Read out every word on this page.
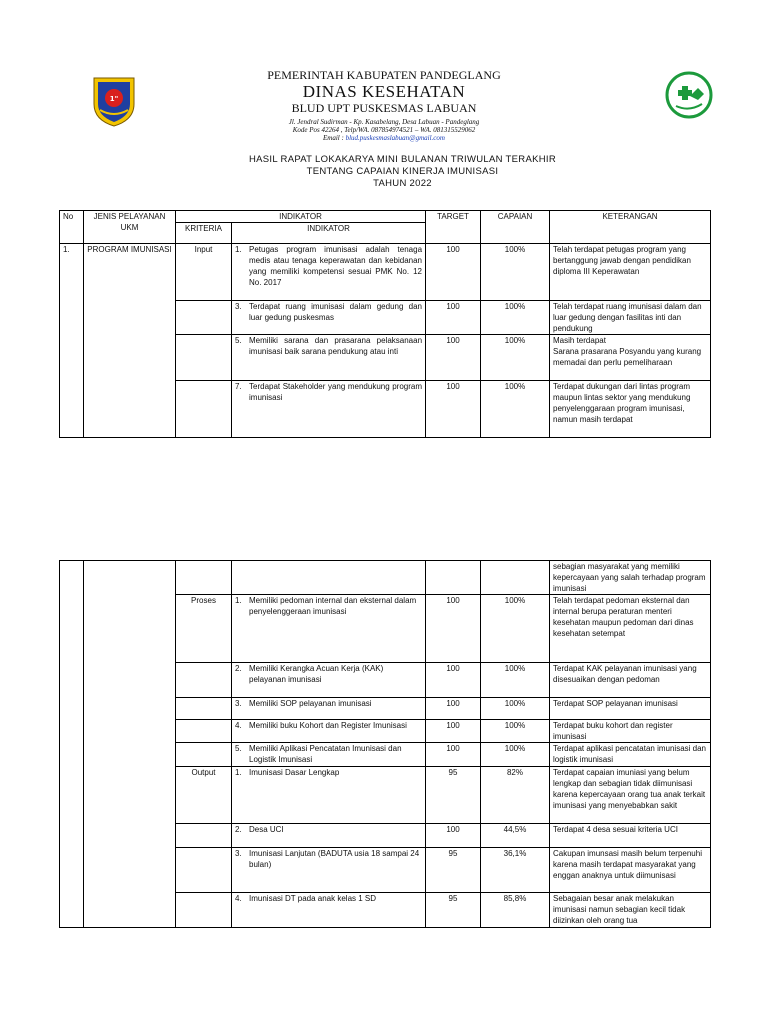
1"
PEMERINTAH KABUPATEN PANDEGLANG
DINAS KESEHATAN
BLUD UPT PUSKESMAS LABUAN
Jl. Jendral Sudirman - Kp. Kasabelang, Desa Labuan - Pandeglang
Kode Pos 42264 , Telp/WA. 087854974521 – WA. 081315529062
Email : blud.puskesmaslabuan@gmail.com
HASIL RAPAT LOKAKARYA MINI BULANAN TRIWULAN TERAKHIR
TENTANG CAPAIAN KINERJA IMUNISASI
TAHUN 2022
No	JENIS PELAYANAN UKM	INDIKATOR		TARGET	CAPAIAN	KETERANGAN
		KRITERIA	INDIKATOR			
1.	PROGRAM IMUNISASI	Input	1. Petugas program imunisasi adalah tenaga medis atau tenaga keperawatan dan kebidanan yang memiliki kompetensi sesuai PMK No. 12 No. 2017	100	100%	Telah terdapat petugas program yang bertanggung jawab dengan pendidikan diploma III Keperawatan

			3. Terdapat ruang imunisasi dalam gedung dan luar gedung puskesmas	100	100%	Telah terdapat ruang imunisasi dalam dan luar gedung dengan fasilitas inti dan pendukung

			5. Memiliki sarana dan prasarana pelaksanaan imunisasi baik sarana pendukung atau inti	100	100%	Masih terdapat
Sarana prasarana Posyandu yang kurang memadai dan perlu pemeliharaan

			7. Terdapat Stakeholder yang mendukung program imunisasi	100	100%	Terdapat dukungan dari lintas program maupun lintas sektor yang mendukung penyelenggaraan program imunisasi, namun masih terdapat
						sebagian masyarakat yang memiliki kepercayaan yang salah terhadap program imunisasi
		Proses	1. Memiliki pedoman internal dan eksternal dalam penyelenggeraan imunisasi	100	100%	Telah terdapat pedoman eksternal dan internal berupa peraturan menteri kesehatan maupun pedoman dari dinas kesehatan setempat

			2. Memiliki Kerangka Acuan Kerja (KAK) pelayanan imunisasi	100	100%	Terdapat KAK pelayanan imunisasi yang disesuaikan dengan pedoman

			3. Memiliki SOP pelayanan imunisasi	100	100%	Terdapat SOP pelayanan imunisasi

			4. Memiliki buku Kohort dan Register Imunisasi	100	100%	Terdapat buku kohort dan register imunisasi

			5. Memiliki Aplikasi Pencatatan Imunisasi dan Logistik Imunisasi	100	100%	Terdapat aplikasi pencatatan imunisasi dan logistik imunisasi
		Output	1. Imunisasi Dasar Lengkap	95	82%	Terdapat capaian imuniasi yang belum lengkap dan sebagian tidak diimunisasi karena kepercayaan orang tua anak terkait imunisasi yang menyebabkan sakit

			2. Desa UCI	100	44,5%	Terdapat 4 desa sesuai kriteria UCI

			3. Imunisasi Lanjutan (BADUTA usia 18 sampai 24 bulan)	95	36,1%	Cakupan imunsasi masih belum terpenuhi karena masih terdapat masyarakat yang enggan anaknya untuk diimunisasi

			4. Imunisasi DT pada anak kelas 1 SD	95	85,8%	Sebagaian besar anak melakukan imunisasi namun sebagian kecil tidak diizinkan oleh orang tua
